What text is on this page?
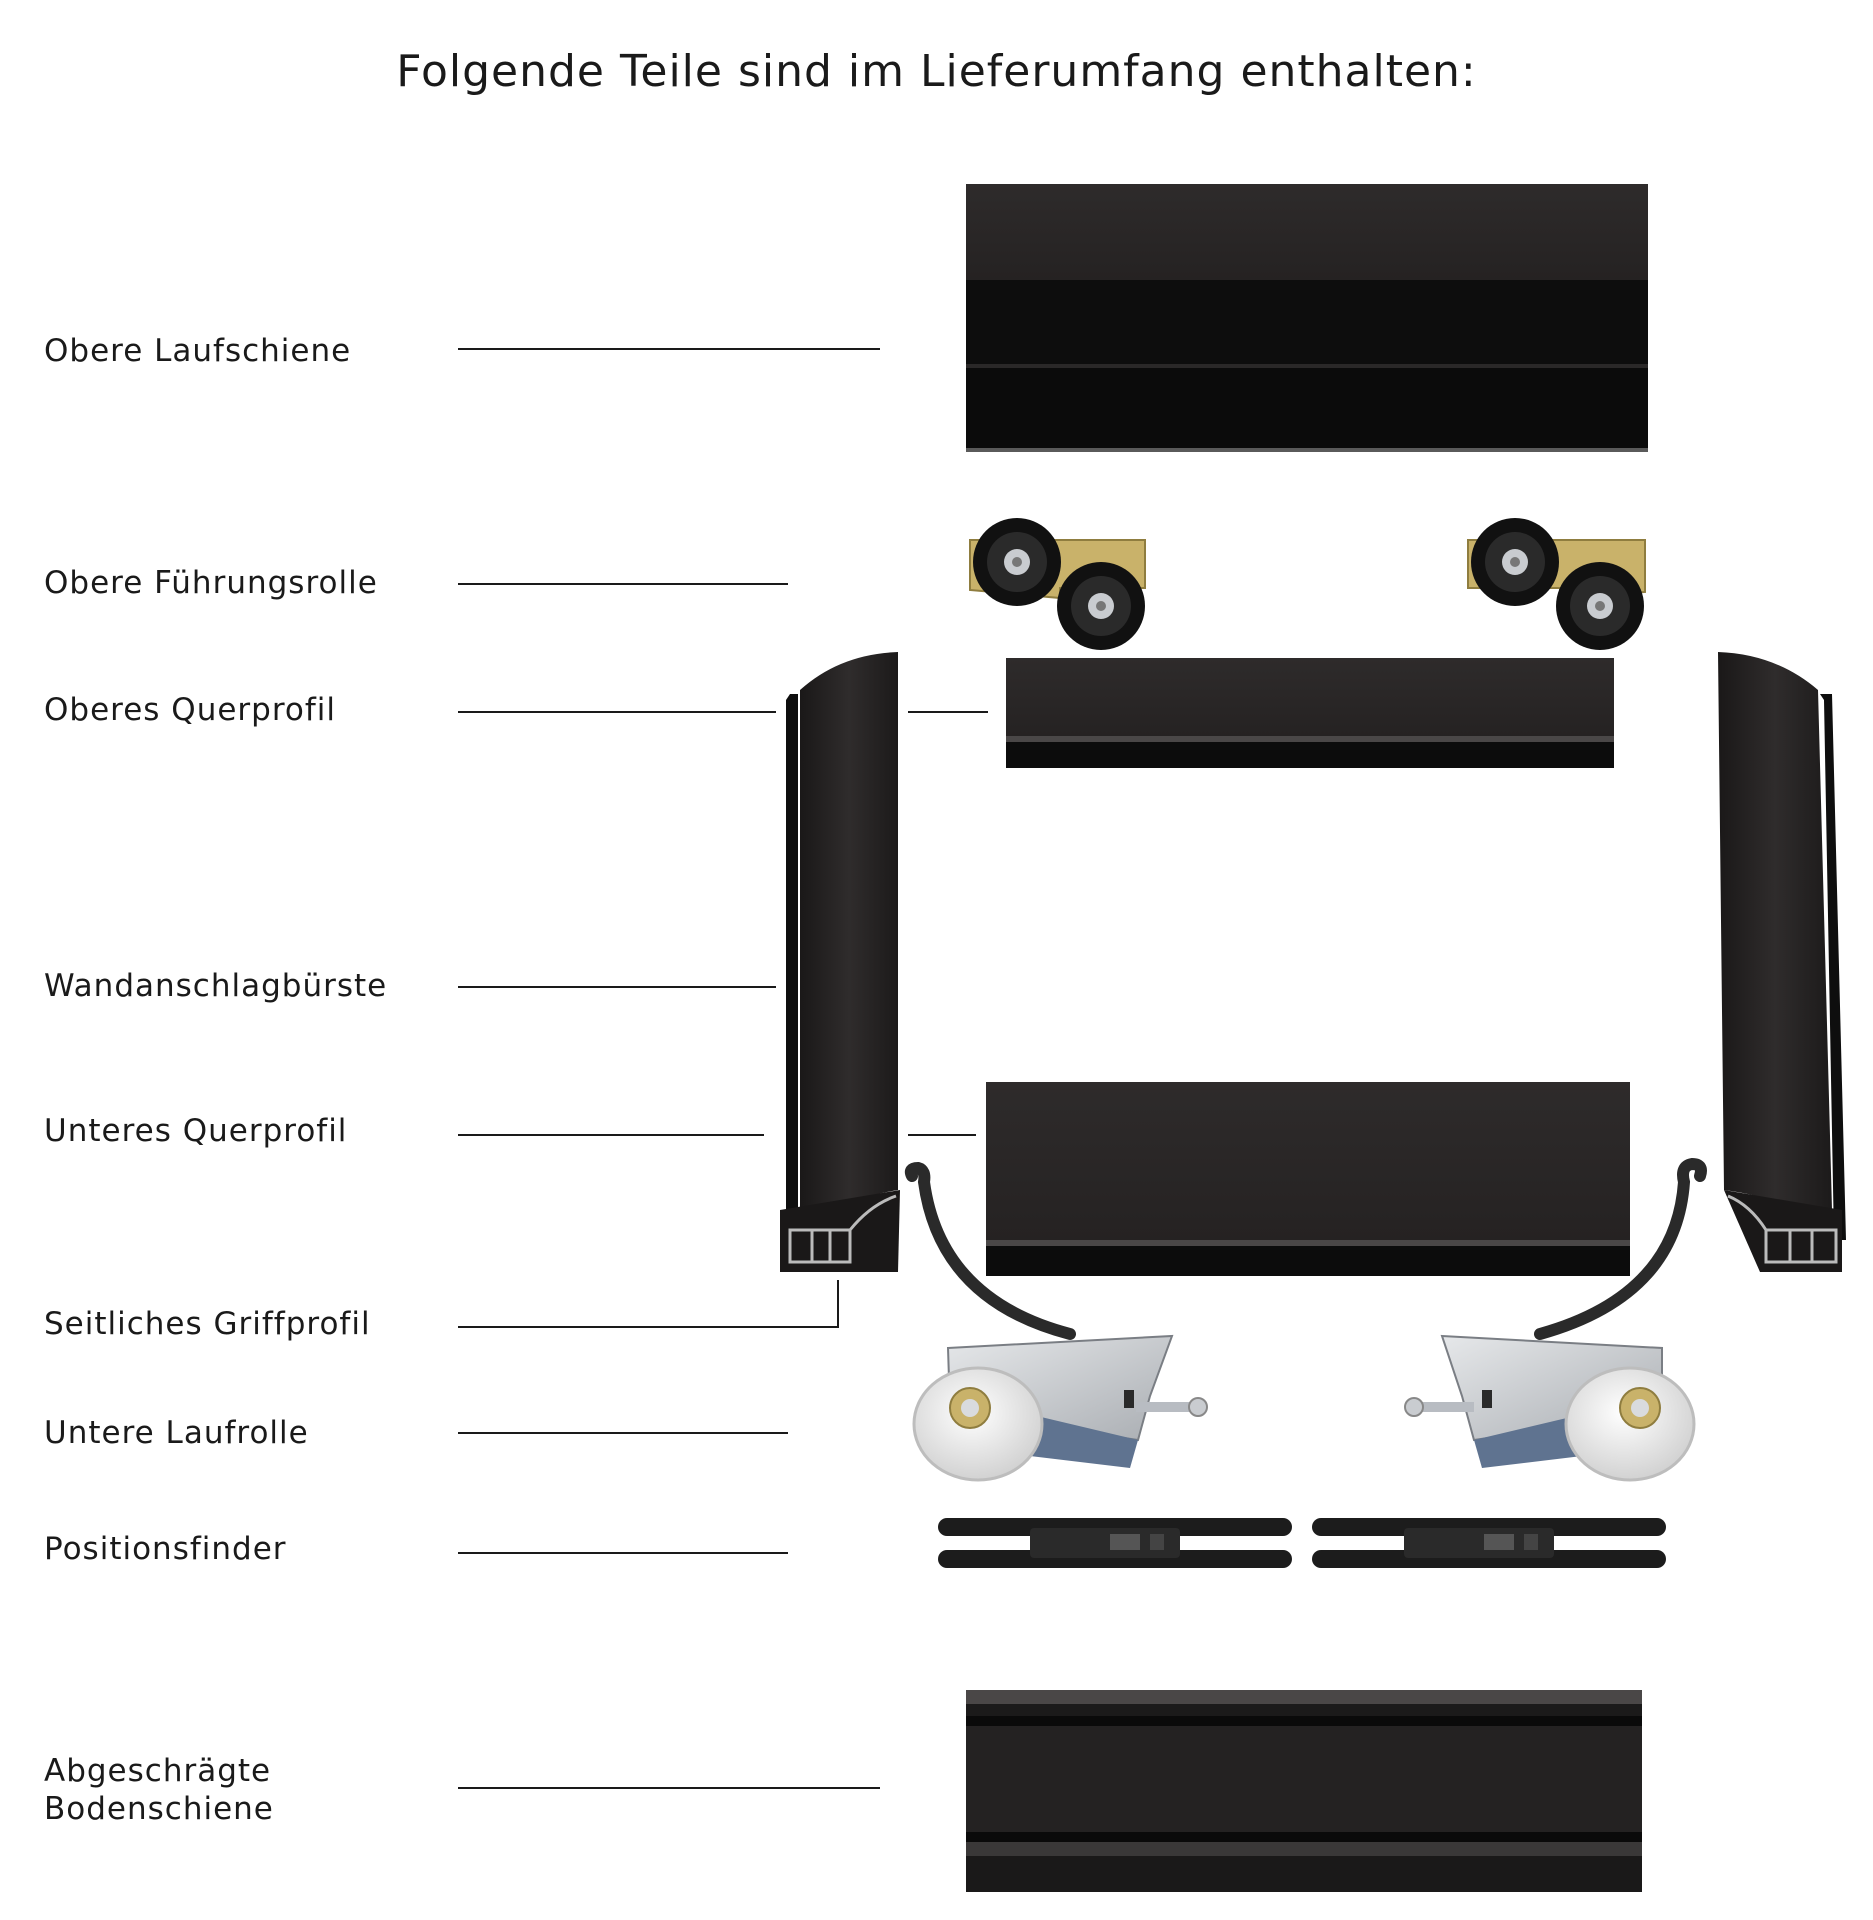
Folgende Teile sind im Lieferumfang enthalten:
Obere Laufschiene
Obere Führungsrolle
Oberes Querprofil
Wandanschlagbürste
Unteres Querprofil
Seitliches Griffprofil
Untere Laufrolle
Positionsfinder
Abgeschrägte
Bodenschiene
